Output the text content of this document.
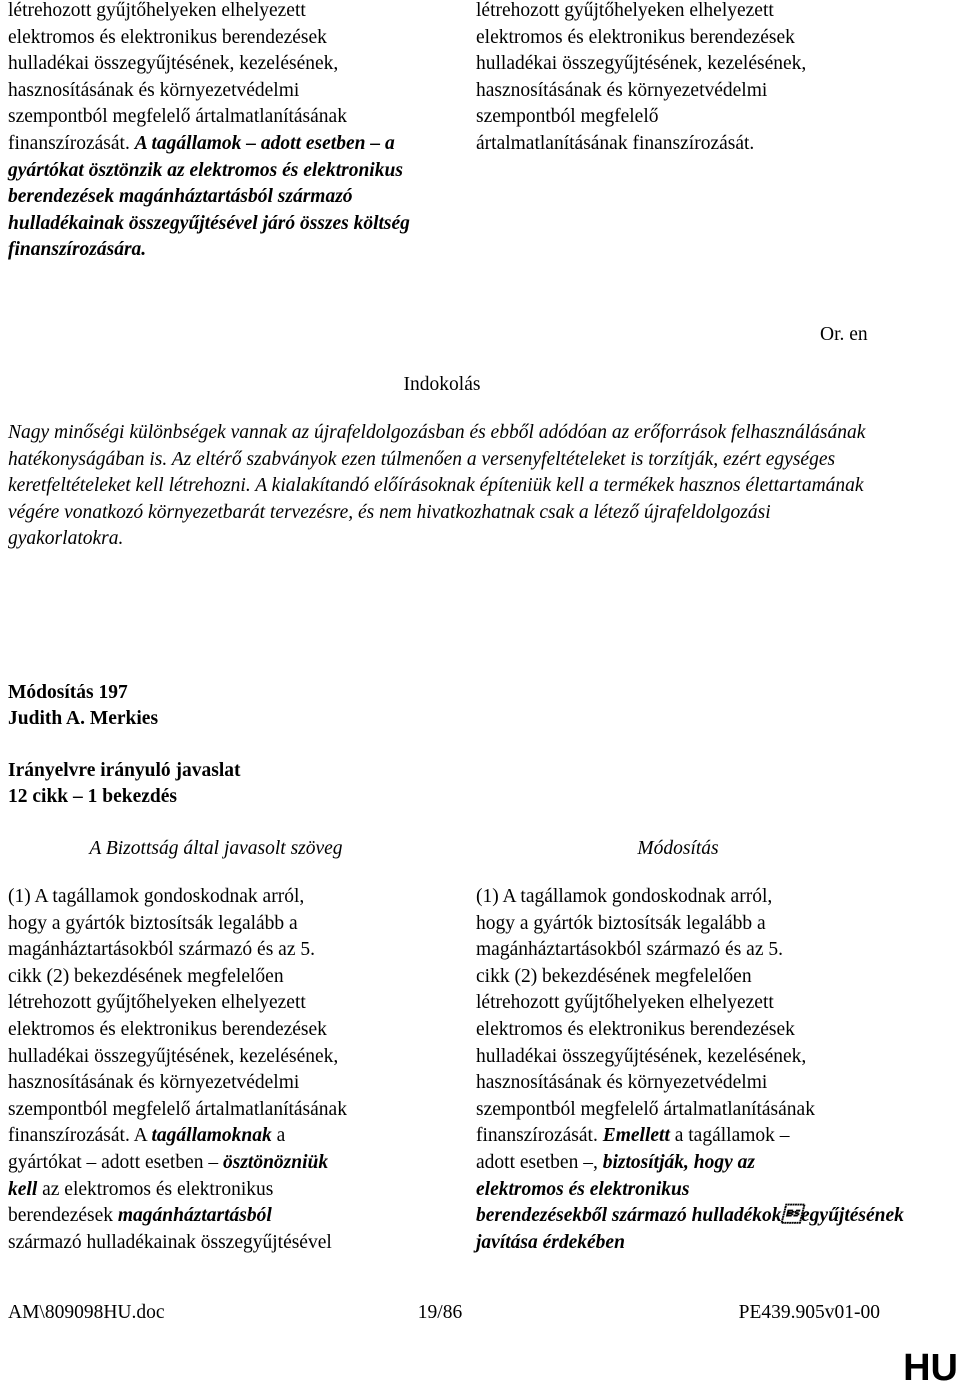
létrehozott gyűjtőhelyeken elhelyezett
elektromos és elektronikus berendezések
hulladékai összegyűjtésének, kezelésének,
hasznosításának és környezetvédelmi
szempontból megfelelő ártalmatlanításának
finanszírozását. A tagállamok – adott esetben – a gyártókat ösztönzik az elektromos és elektronikus berendezések magánháztartásból származó hulladékainak összegyűjtésével járó összes költség finanszírozására.
létrehozott gyűjtőhelyeken elhelyezett
elektromos és elektronikus berendezések
hulladékai összegyűjtésének, kezelésének,
hasznosításának és környezetvédelmi
szempontból megfelelő
ártalmatlanításának finanszírozását.
Or. en
Indokolás
Nagy minőségi különbségek vannak az újrafeldolgozásban és ebből adódóan az erőforrások felhasználásának hatékonyságában is. Az eltérő szabványok ezen túlmenően a versenyfeltételeket is torzítják, ezért egységes keretfeltételeket kell létrehozni. A kialakítandó előírásoknak építeniük kell a termékek hasznos élettartamának végére vonatkozó környezetbarát tervezésre, és nem hivatkozhatnak csak a létező újrafeldolgozási gyakorlatokra.
Módosítás 197
Judith A. Merkies
Irányelvre irányuló javaslat
12 cikk – 1 bekezdés
A Bizottság által javasolt szöveg	Módosítás
(1) A tagállamok gondoskodnak arról,
hogy a gyártók biztosítsák legalább a
magánháztartásokból származó és az 5.
cikk (2) bekezdésének megfelelően
létrehozott gyűjtőhelyeken elhelyezett
elektromos és elektronikus berendezések
hulladékai összegyűjtésének, kezelésének,
hasznosításának és környezetvédelmi
szempontból megfelelő ártalmatlanításának
finanszírozását. A tagállamoknak a
gyártókat – adott esetben – ösztönözniük
kell az elektromos és elektronikus
berendezések magánháztartásból
származó hulladékainak összegyűjtésével
(1) A tagállamok gondoskodnak arról,
hogy a gyártók biztosítsák legalább a
magánháztartásokból származó és az 5.
cikk (2) bekezdésének megfelelően
létrehozott gyűjtőhelyeken elhelyezett
elektromos és elektronikus berendezések
hulladékai összegyűjtésének, kezelésének,
hasznosításának és környezetvédelmi
szempontból megfelelő ártalmatlanításának
finanszírozását. Emellett a tagállamok –
adott esetben –, biztosítják, hogy az
elektromos és elektronikus
berendezésekből származó hulladékokegyűjtésének javítása érdekében
AM\809098HU.doc	19/86	PE439.905v01-00
HU
